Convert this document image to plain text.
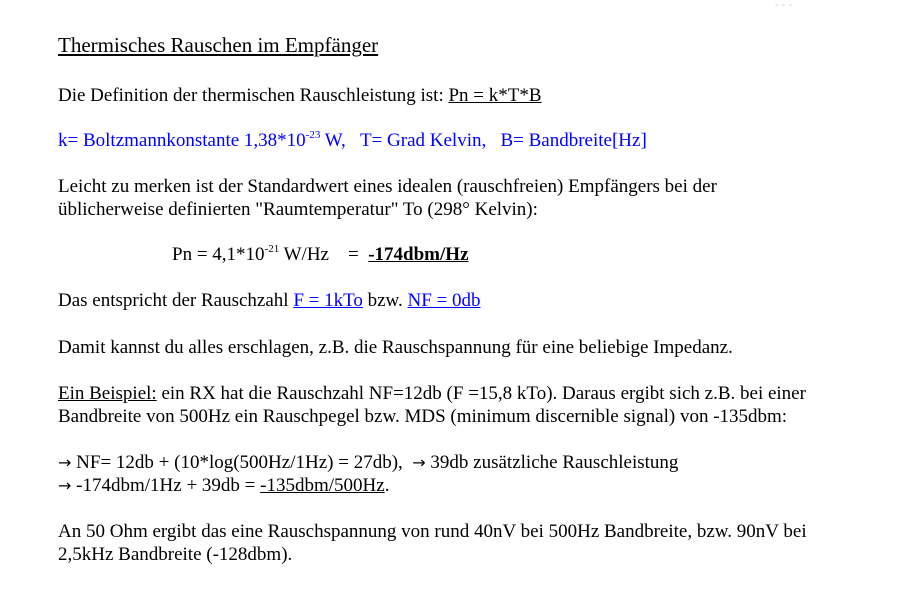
- - -
Thermisches Rauschen im Empfänger
Die Definition der thermischen Rauschleistung ist: Pn = k*T*B
k= Boltzmannkonstante $1,38*10^{-23}$ W, T= Grad Kelvin, B= Bandbreite[Hz]
Leicht zu merken ist der Standardwert eines idealen (rauschfreien) Empfängers bei der
üblicherweise definierten "Raumtemperatur" To (298° Kelvin):
$Pn = 4,1*10^{-21}$ W/Hz = -174dbm/Hz
Das entspricht der Rauschzahl F = 1kTo bzw. NF = 0db
Damit kannst du alles erschlagen, z.B. die Rauschspannung für eine beliebige Impedanz.
Ein Beispiel: ein RX hat die Rauschzahl NF=12db (F =15,8 kTo). Daraus ergibt sich z.B. bei einer
Bandbreite von 500Hz ein Rauschpegel bzw. MDS (minimum discernible signal) von -135dbm:
→ NF= 12db + (10*log(500Hz/1Hz) = 27db), → 39db zusätzliche Rauschleistung
→ -174dbm/1Hz + 39db = -135dbm/500Hz.
An 50 Ohm ergibt das eine Rauschspannung von rund 40nV bei 500Hz Bandbreite, bzw. 90nV bei
2,5kHz Bandbreite (-128dbm).
